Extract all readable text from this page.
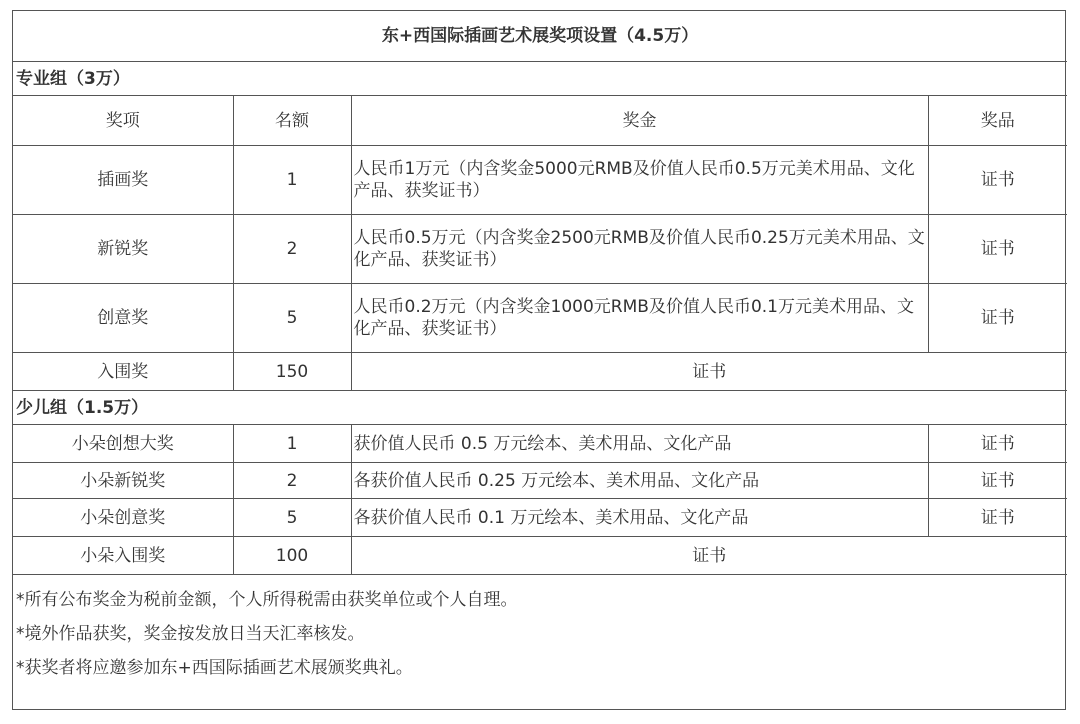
东+西国际插画艺术展奖项设置（4.5万）			
专业组（3万）			
奖项	名额	奖金	奖品
插画奖	1	人民币1万元（内含奖金5000元RMB及价值人民币0.5万元美术用品、文化产品、获奖证书）	证书
新锐奖	2	人民币0.5万元（内含奖金2500元RMB及价值人民币0.25万元美术用品、文化产品、获奖证书）	证书
创意奖	5	人民币0.2万元（内含奖金1000元RMB及价值人民币0.1万元美术用品、文化产品、获奖证书）	证书
入围奖	150	证书	
少儿组（1.5万）			
小朵创想大奖	1	获价值人民币 0.5 万元绘本、美术用品、文化产品	证书
小朵新锐奖	2	各获价值人民币 0.25 万元绘本、美术用品、文化产品	证书
小朵创意奖	5	各获价值人民币 0.1 万元绘本、美术用品、文化产品	证书
小朵入围奖	100	证书	

*所有公布奖金为税前金额，个人所得税需由获奖单位或个人自理。
*境外作品获奖，奖金按发放日当天汇率核发。
*获奖者将应邀参加东+西国际插画艺术展颁奖典礼。			
